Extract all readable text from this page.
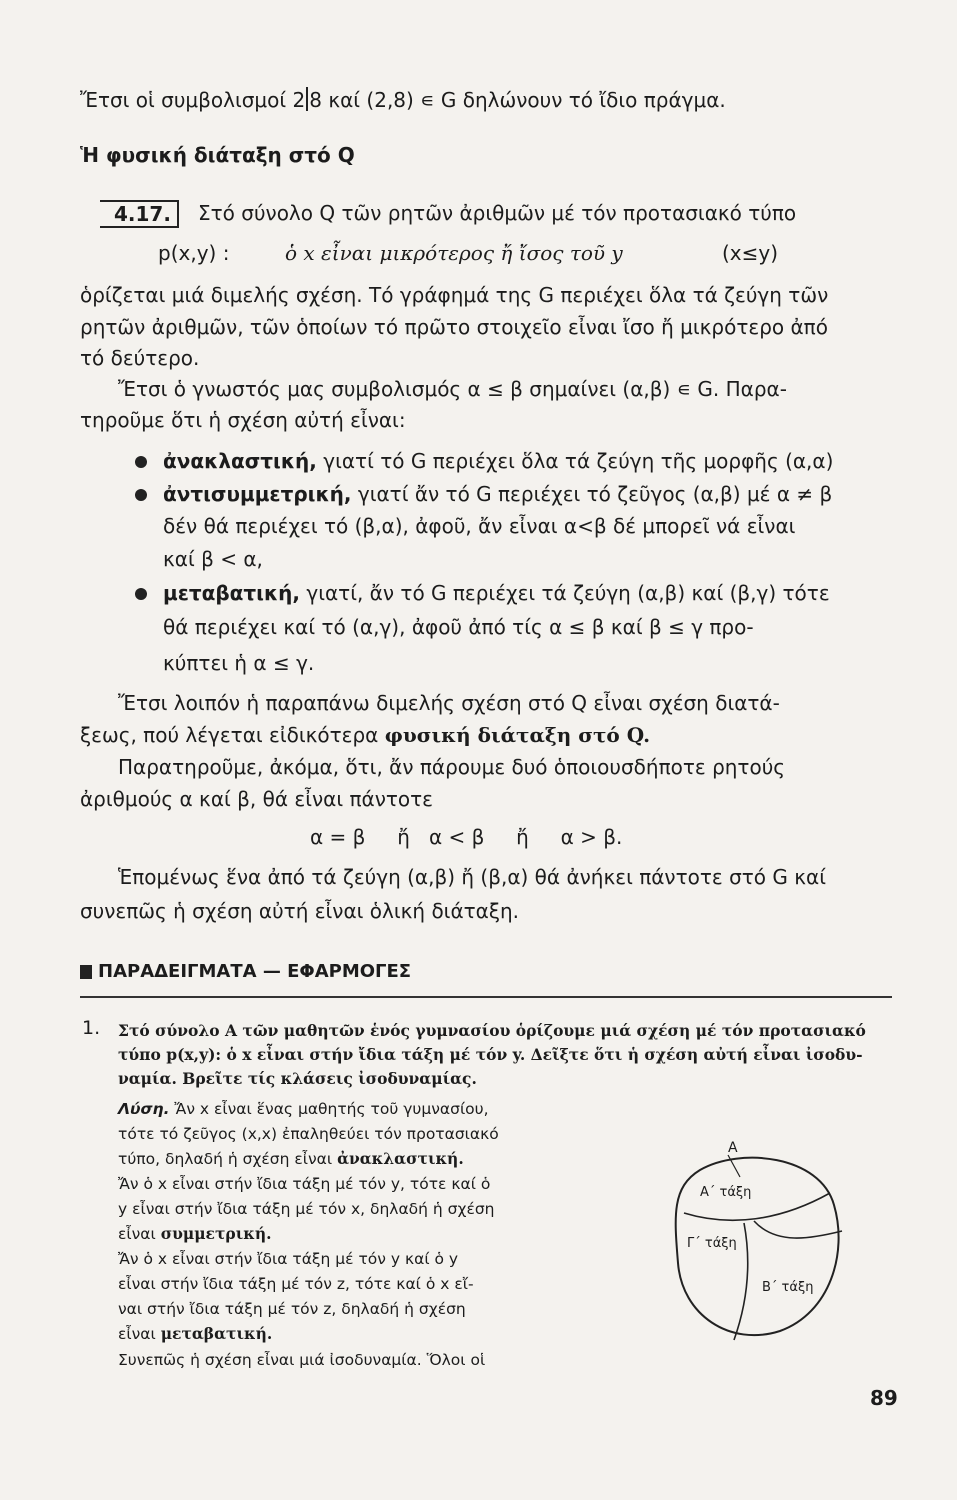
Ἔτσι οἱ συμβολισμοί 2 8 καί (2,8) ∊ G δηλώνουν τό ἴδιο πράγμα.
Ἡ φυσική διάταξη στό Q
4.17.	Στό σύνολο Q τῶν ρητῶν ἀριθμῶν μέ τόν προτασιακό τύπο
p(x,y) :	ὁ x εἶναι μικρότερος ἤ ἴσος τοῦ y	(x≤y)
ὁρίζεται μιά διμελής σχέση. Τό γράφημά της G περιέχει ὅλα τά ζεύγη τῶν
ρητῶν ἀριθμῶν, τῶν ὁποίων τό πρῶτο στοιχεῖο εἶναι ἴσο ἤ μικρότερο ἀπό
τό δεύτερο.
Ἔτσι ὁ γνωστός μας συμβολισμός α ≤ β σημαίνει (α,β) ∊ G. Παρα-
τηροῦμε ὅτι ἡ σχέση αὐτή εἶναι:
ἀνακλαστική, γιατί τό G περιέχει ὅλα τά ζεύγη τῆς μορφῆς (α,α)
ἀντισυμμετρική, γιατί ἄν τό G περιέχει τό ζεῦγος (α,β) μέ α ≠ β
δέν θά περιέχει τό (β,α), ἀφοῦ, ἄν εἶναι α<β δέ μπορεῖ νά εἶναι
καί β < α,
μεταβατική, γιατί, ἄν τό G περιέχει τά ζεύγη (α,β) καί (β,γ) τότε
θά περιέχει καί τό (α,γ), ἀφοῦ ἀπό τίς α ≤ β καί β ≤ γ προ-
κύπτει ἡ α ≤ γ.
Ἔτσι λοιπόν ἡ παραπάνω διμελής σχέση στό Q εἶναι σχέση διατά-
ξεως, πού λέγεται εἰδικότερα φυσική διάταξη στό Q.
Παρατηροῦμε, ἀκόμα, ὅτι, ἄν πάρουμε δυό ὁποιουσδήποτε ρητούς
ἀριθμούς α καί β, θά εἶναι πάντοτε
α = β     ἤ   α < β     ἤ     α > β.
Ἑπομένως ἕνα ἀπό τά ζεύγη (α,β) ἤ (β,α) θά ἀνήκει πάντοτε στό G καί
συνεπῶς ἡ σχέση αὐτή εἶναι ὁλική διάταξη.
ΠΑΡΑΔΕΙΓΜΑΤΑ — ΕΦΑΡΜΟΓΕΣ
1. Στό σύνολο Α τῶν μαθητῶν ἑνός γυμνασίου ὁρίζουμε μιά σχέση μέ τόν προτασιακό
τύπο p(x,y): ὁ x εἶναι στήν ἴδια τάξη μέ τόν y. Δεῖξτε ὅτι ἡ σχέση αὐτή εἶναι ἰσοδυ-
ναμία. Βρεῖτε τίς κλάσεις ἰσοδυναμίας.
Λύση. Ἄν x εἶναι ἕνας μαθητής τοῦ γυμνασίου,
τότε τό ζεῦγος (x,x) ἐπαληθεύει τόν προτασιακό
τύπο, δηλαδή ἡ σχέση εἶναι ἀνακλαστική.
Ἄν ὁ x εἶναι στήν ἴδια τάξη μέ τόν y, τότε καί ὁ
y εἶναι στήν ἴδια τάξη μέ τόν x, δηλαδή ἡ σχέση
εἶναι συμμετρική.
Ἄν ὁ x εἶναι στήν ἴδια τάξη μέ τόν y καί ὁ y
εἶναι στήν ἴδια τάξη μέ τόν z, τότε καί ὁ x εἴ-
ναι στήν ἴδια τάξη μέ τόν z, δηλαδή ἡ σχέση
εἶναι μεταβατική.
Συνεπῶς ἡ σχέση εἶναι μιά ἰσοδυναμία. Ὅλοι οἱ
A
A΄ τάξη
Γ΄ τάξη
B΄ τάξη
89
